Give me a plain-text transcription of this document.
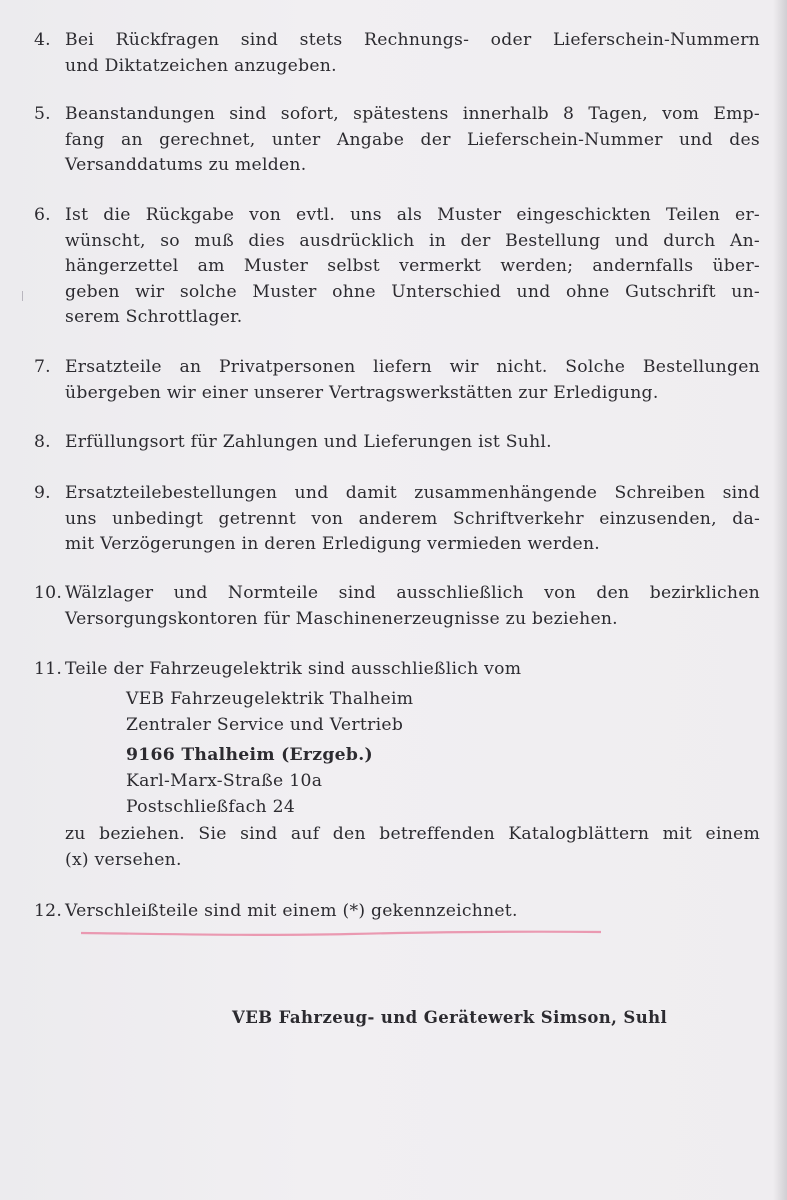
4. Bei Rückfragen sind stets Rechnungs- oder Lieferschein-Nummern
und Diktatzeichen anzugeben.
5. Beanstandungen sind sofort, spätestens innerhalb 8 Tagen, vom Emp-
fang an gerechnet, unter Angabe der Lieferschein-Nummer und des
Versanddatums zu melden.
6. Ist die Rückgabe von evtl. uns als Muster eingeschickten Teilen er-
wünscht, so muß dies ausdrücklich in der Bestellung und durch An-
hängerzettel am Muster selbst vermerkt werden; andernfalls über-
geben wir solche Muster ohne Unterschied und ohne Gutschrift un-
serem Schrottlager.
7. Ersatzteile an Privatpersonen liefern wir nicht. Solche Bestellungen
übergeben wir einer unserer Vertragswerkstätten zur Erledigung.
8. Erfüllungsort für Zahlungen und Lieferungen ist Suhl.
9. Ersatzteilebestellungen und damit zusammenhängende Schreiben sind
uns unbedingt getrennt von anderem Schriftverkehr einzusenden, da-
mit Verzögerungen in deren Erledigung vermieden werden.
10. Wälzlager und Normteile sind ausschließlich von den bezirklichen
Versorgungskontoren für Maschinenerzeugnisse zu beziehen.
11. Teile der Fahrzeugelektrik sind ausschließlich vom
VEB Fahrzeugelektrik Thalheim
Zentraler Service und Vertrieb
9166 Thalheim (Erzgeb.)
Karl-Marx-Straße 10a
Postschließfach 24
zu beziehen. Sie sind auf den betreffenden Katalogblättern mit einem
(x) versehen.
12. Verschleißteile sind mit einem (*) gekennzeichnet.
VEB Fahrzeug- und Gerätewerk Simson, Suhl
